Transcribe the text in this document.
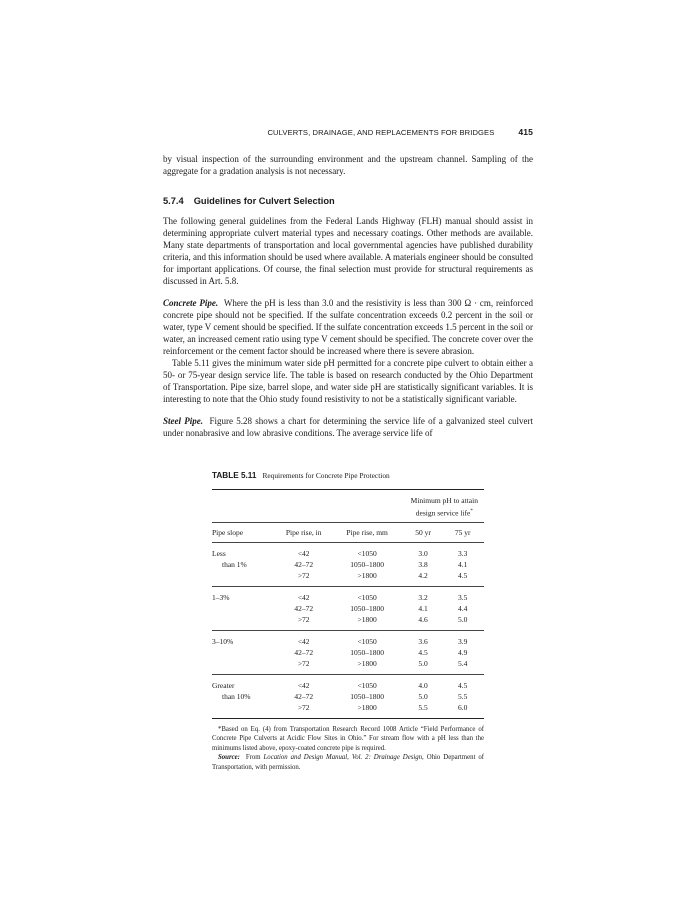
CULVERTS, DRAINAGE, AND REPLACEMENTS FOR BRIDGES	415

by visual inspection of the surrounding environment and the upstream channel. Sampling of the aggregate for a gradation analysis is not necessary.

5.7.4 Guidelines for Culvert Selection

The following general guidelines from the Federal Lands Highway (FLH) manual should assist in determining appropriate culvert material types and necessary coatings. Other methods are available. Many state departments of transportation and local governmental agencies have published durability criteria, and this information should be used where available. A materials engineer should be consulted for important applications. Of course, the final selection must provide for structural requirements as discussed in Art. 5.8.

Concrete Pipe. Where the pH is less than 3.0 and the resistivity is less than 300 Ω · cm, reinforced concrete pipe should not be specified. If the sulfate concentration exceeds 0.2 percent in the soil or water, type V cement should be specified. If the sulfate concentration exceeds 1.5 percent in the soil or water, an increased cement ratio using type V cement should be specified. The concrete cover over the reinforcement or the cement factor should be increased where there is severe abrasion.

Table 5.11 gives the minimum water side pH permitted for a concrete pipe culvert to obtain either a 50- or 75-year design service life. The table is based on research conducted by the Ohio Department of Transportation. Pipe size, barrel slope, and water side pH are statistically significant variables. It is interesting to note that the Ohio study found resistivity to not be a statistically significant variable.

Steel Pipe. Figure 5.28 shows a chart for determining the service life of a galvanized steel culvert under nonabrasive and low abrasive conditions. The average service life of

TABLE 5.11 Requirements for Concrete Pipe Protection

			Minimum pH to attain
design service life*

Pipe slope	Pipe rise, in	Pipe rise, mm	50 yr	75 yr
Less	<42	<1050	3.0	3.3
than 1%	42–72	1050–1800	3.8	4.1
	>72	>1800	4.2	4.5
1–3%	<42	<1050	3.2	3.5
	42–72	1050–1800	4.1	4.4
	>72	>1800	4.6	5.0
3–10%	<42	<1050	3.6	3.9
	42–72	1050–1800	4.5	4.9
	>72	>1800	5.0	5.4
Greater	<42	<1050	4.0	4.5
than 10%	42–72	1050–1800	5.0	5.5
	>72	>1800	5.5	6.0

*Based on Eq. (4) from Transportation Research Record 1008 Article “Field Performance of Concrete Pipe Culverts at Acidic Flow Sites in Ohio.” For stream flow with a pH less than the minimums listed above, epoxy-coated concrete pipe is required.

Source: From Location and Design Manual, Vol. 2: Drainage Design, Ohio Department of Transportation, with permission.
